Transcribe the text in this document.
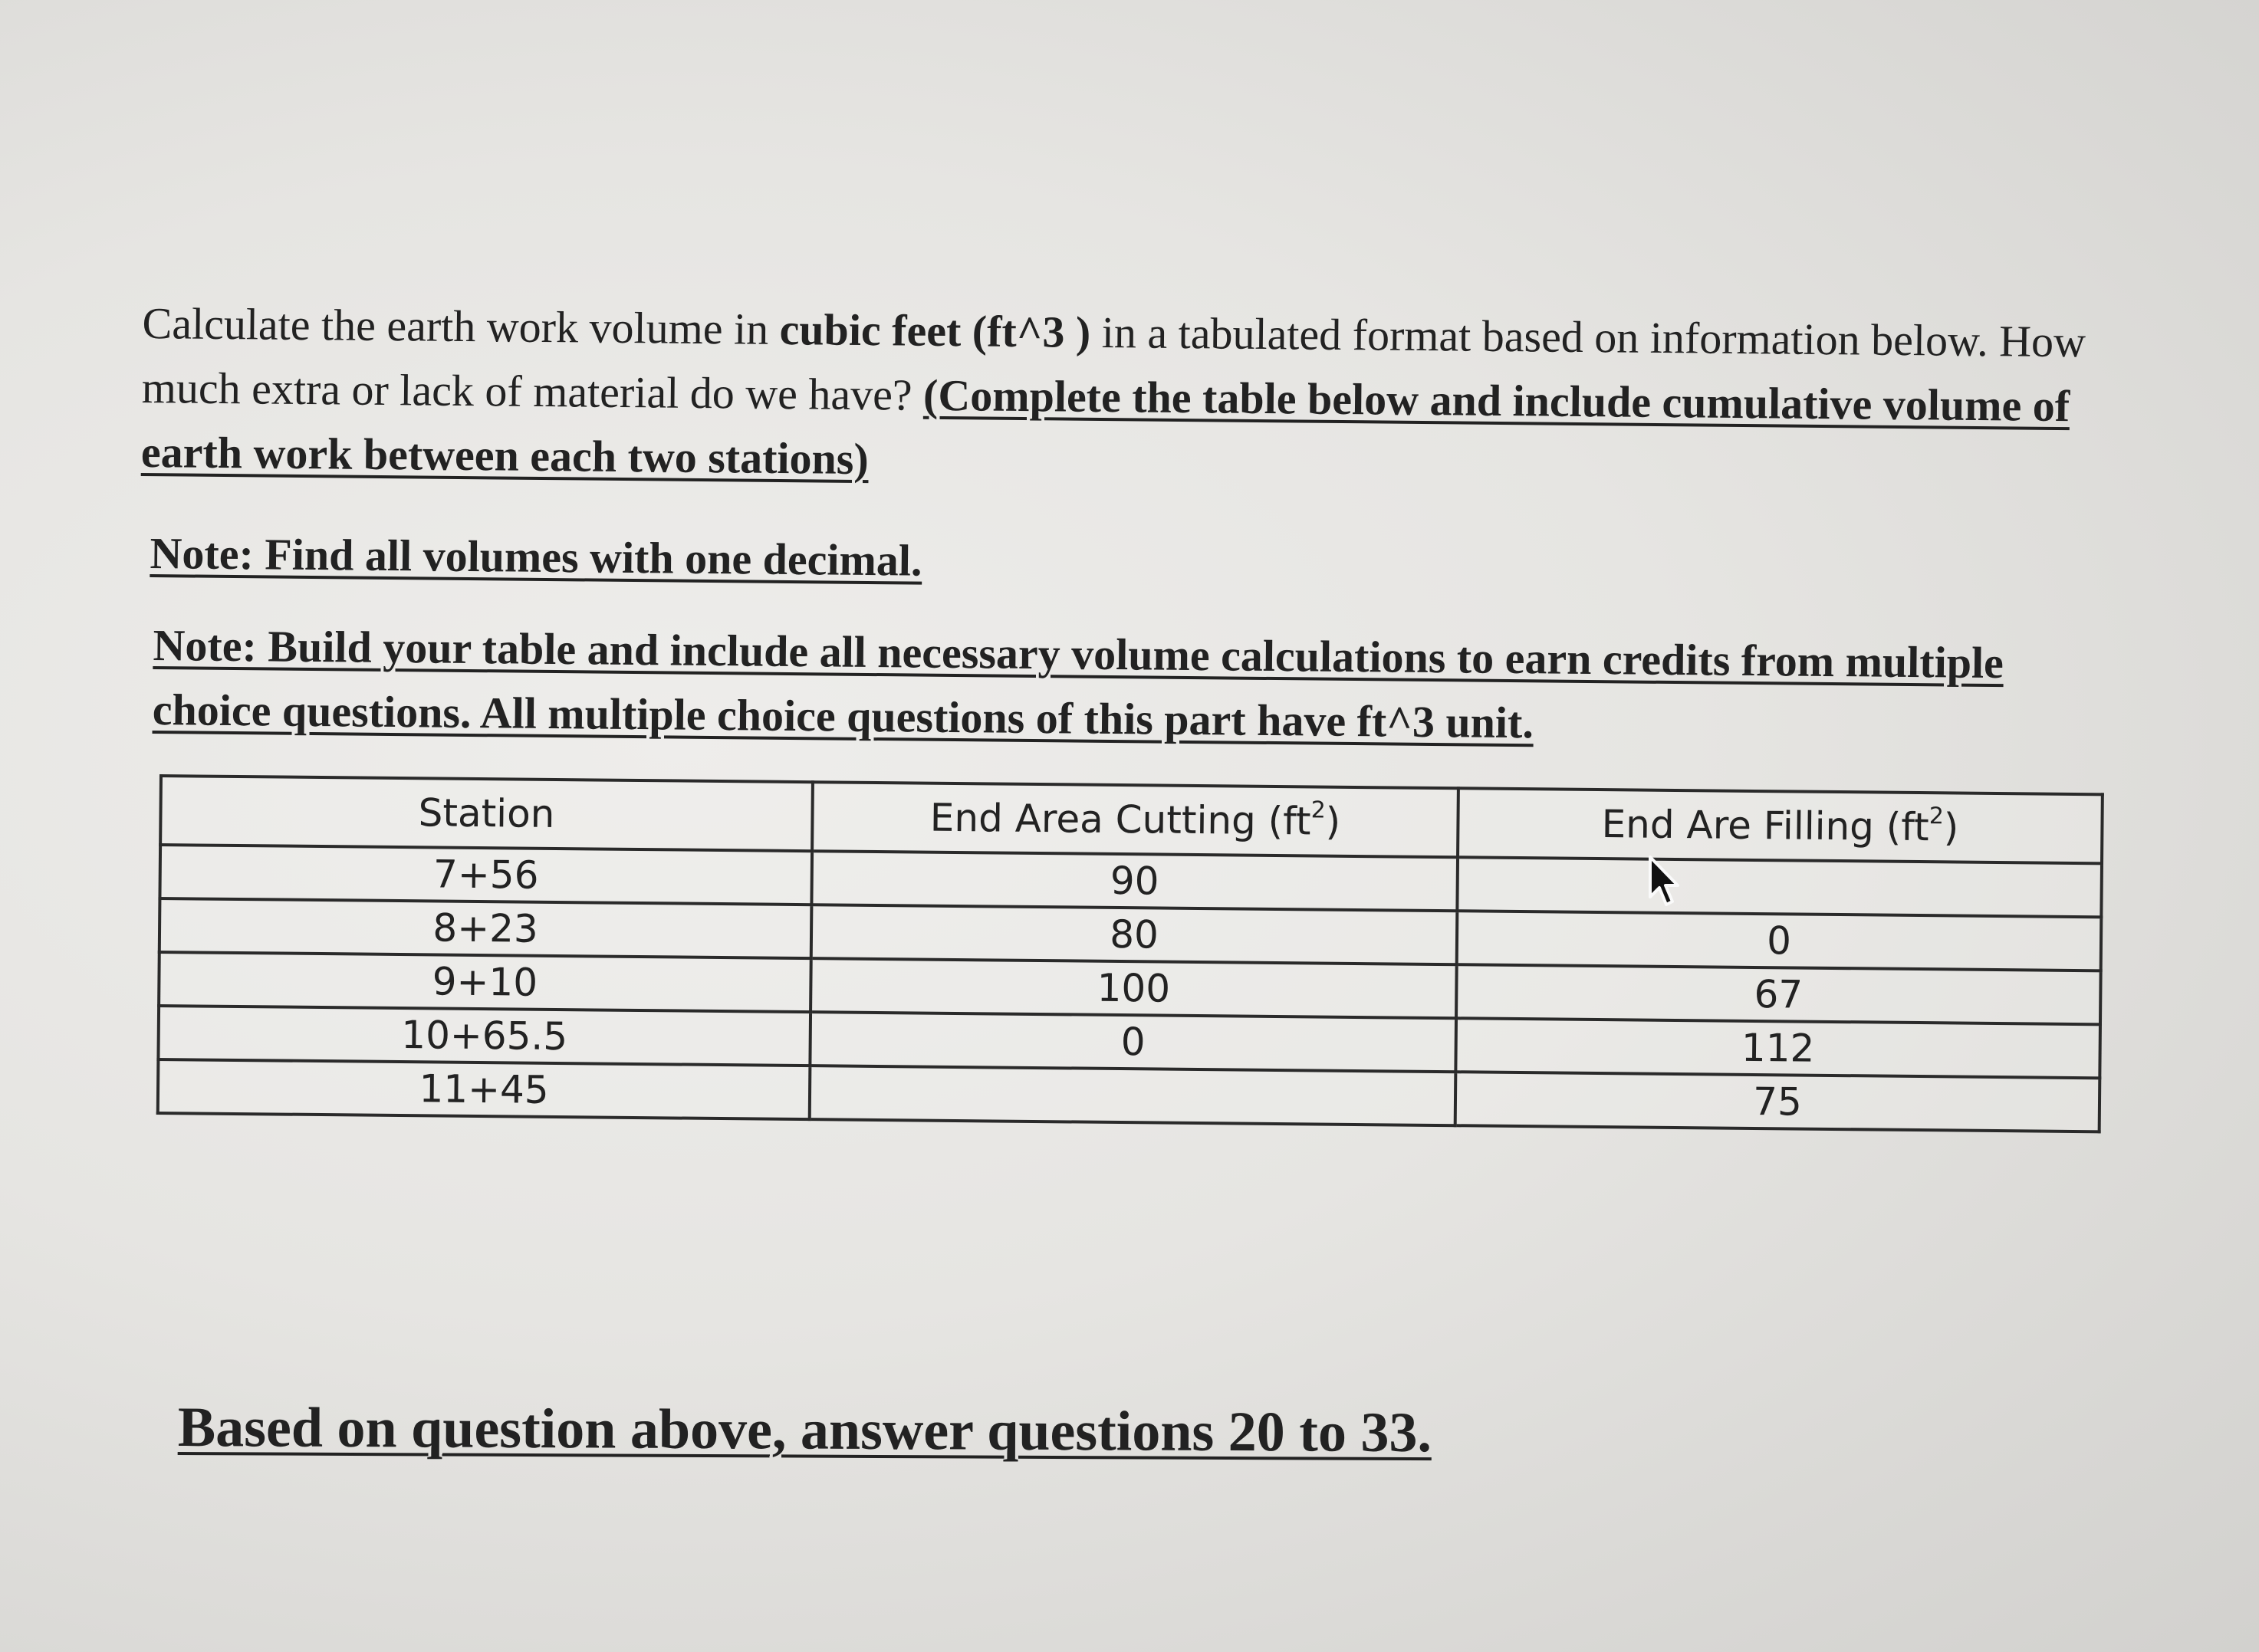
Calculate the earth work volume in cubic feet (ft^3 ) in a tabulated format based on information below. How much extra or lack of material do we have? (Complete the table below and include cumulative volume of earth work between each two stations)
Note: Find all volumes with one decimal.
Note: Build your table and include all necessary volume calculations to earn credits from multiple choice questions. All multiple choice questions of this part have ft^3 unit.
Station	End Area Cutting $(ft^2)$	End Are Filling $(ft^2)$
7+56	90	
8+23	80	0
9+10	100	67
10+65.5	0	112
11+45		75
Based on question above, answer questions 20 to 33.
